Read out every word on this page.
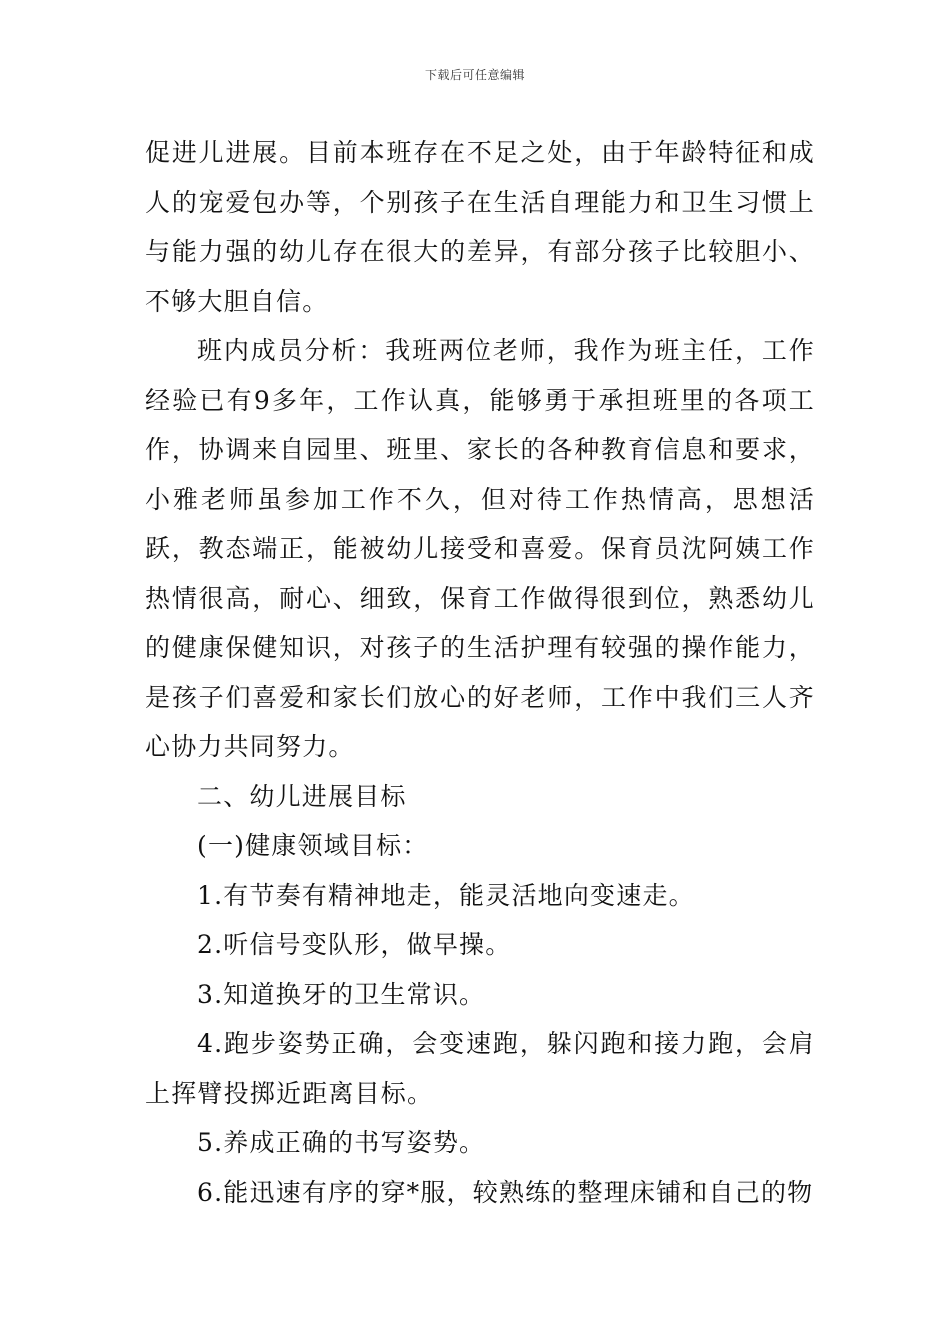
下载后可任意编辑

促进儿进展。目前本班存在不足之处，由于年龄特征和成人的宠爱包办等，个别孩子在生活自理能力和卫生习惯上与能力强的幼儿存在很大的差异，有部分孩子比较胆小、不够大胆自信。

班内成员分析：我班两位老师，我作为班主任，工作经验已有9多年，工作认真，能够勇于承担班里的各项工作，协调来自园里、班里、家长的各种教育信息和要求，小雅老师虽参加工作不久，但对待工作热情高，思想活跃，教态端正，能被幼儿接受和喜爱。保育员沈阿姨工作热情很高，耐心、细致，保育工作做得很到位，熟悉幼儿的健康保健知识，对孩子的生活护理有较强的操作能力，是孩子们喜爱和家长们放心的好老师，工作中我们三人齐心协力共同努力。

二、幼儿进展目标

(一)健康领域目标：

1.有节奏有精神地走，能灵活地向变速走。

2.听信号变队形，做早操。

3.知道换牙的卫生常识。

4.跑步姿势正确，会变速跑，躲闪跑和接力跑，会肩上挥臂投掷近距离目标。

5.养成正确的书写姿势。

6.能迅速有序的穿*服，较熟练的整理床铺和自己的物
